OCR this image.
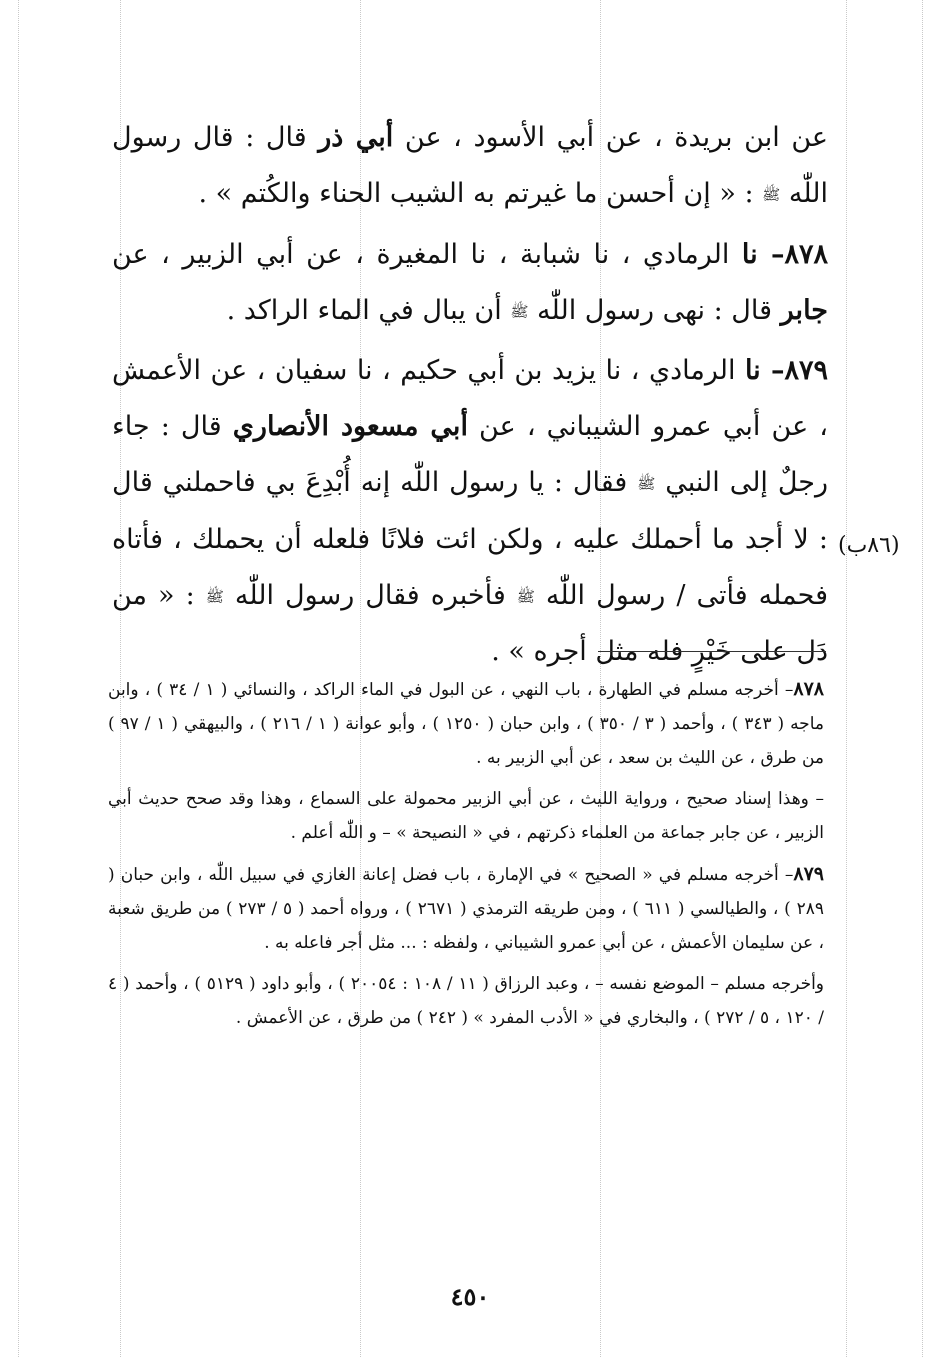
عن ابن بريدة ، عن أبي الأسود ، عن أبي ذر قال : قال رسول اللّٰه ﷺ : « إن أحسن ما غيرتم به الشيب الحناء والكُتم » .

٨٧٨– نا الرمادي ، نا شبابة ، نا المغيرة ، عن أبي الزبير ، عن جابر قال : نهى رسول اللّٰه ﷺ أن يبال في الماء الراكد .

٨٧٩– نا الرمادي ، نا يزيد بن أبي حكيم ، نا سفيان ، عن الأعمش ، عن أبي عمرو الشيباني ، عن أبي مسعود الأنصاري قال : جاء رجلٌ إلى النبي ﷺ فقال : يا رسول اللّٰه إنه أُبْدِعَ بي فاحملني قال : لا أجد ما أحملك عليه ، ولكن ائت فلانًا فلعله أن يحملك ، فأتاه فحمله فأتى / رسول اللّٰه ﷺ فأخبره فقال رسول اللّٰه ﷺ : « من دَل على خَيْرٍ فله مثل أجره » .

(٨٦ب)

٨٧٨– أخرجه مسلم في الطهارة ، باب النهي ، عن البول في الماء الراكد ، والنسائي ( ١ / ٣٤ ) ، وابن ماجه ( ٣٤٣ ) ، وأحمد ( ٣ / ٣٥٠ ) ، وابن حبان ( ١٢٥٠ ) ، وأبو عوانة ( ١ / ٢١٦ ) ، والبيهقي ( ١ / ٩٧ ) من طرق ، عن الليث بن سعد ، عن أبي الزبير به .

– وهذا إسناد صحيح ، ورواية الليث ، عن أبي الزبير محمولة على السماع ، وهذا وقد صحح حديث أبي الزبير ، عن جابر جماعة من العلماء ذكرتهم ، في « النصيحة » – و اللّٰه أعلم .

٨٧٩– أخرجه مسلم في « الصحيح » في الإمارة ، باب فضل إعانة الغازي في سبيل اللّٰه ، وابن حبان ( ٢٨٩ ) ، والطيالسي ( ٦١١ ) ، ومن طريقه الترمذي ( ٢٦٧١ ) ، ورواه أحمد ( ٥ / ٢٧٣ ) من طريق شعبة ، عن سليمان الأعمش ، عن أبي عمرو الشيباني ، ولفظه : ... مثل أجر فاعله به .

وأخرجه مسلم – الموضع نفسه – ، وعبد الرزاق ( ١١ / ١٠٨ : ٢٠٠٥٤ ) ، وأبو داود ( ٥١٢٩ ) ، وأحمد ( ٤ / ١٢٠ ، ٥ / ٢٧٢ ) ، والبخاري في « الأدب المفرد » ( ٢٤٢ ) من طرق ، عن الأعمش .

٤٥٠
